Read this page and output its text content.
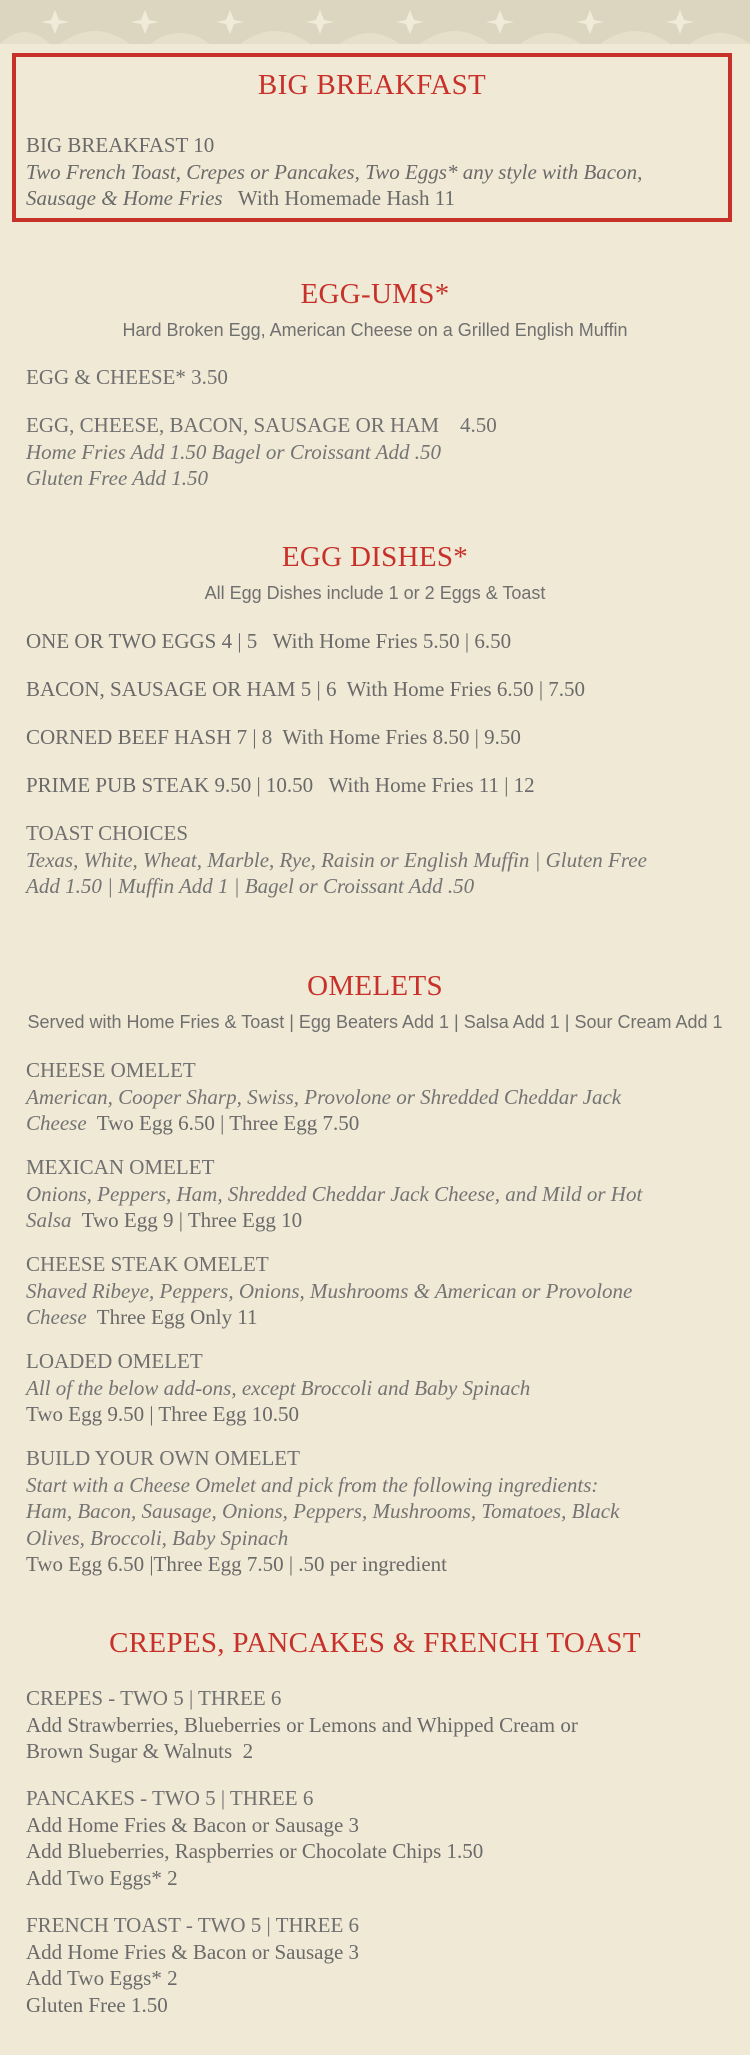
BIG BREAKFAST
BIG BREAKFAST 10
Two French Toast, Crepes or Pancakes, Two Eggs* any style with Bacon,
Sausage & Home Fries   With Homemade Hash 11
EGG-UMS*
Hard Broken Egg, American Cheese on a Grilled English Muffin
EGG & CHEESE* 3.50
EGG, CHEESE, BACON, SAUSAGE OR HAM    4.50
Home Fries Add 1.50 Bagel or Croissant Add .50
Gluten Free Add 1.50
EGG DISHES*
All Egg Dishes include 1 or 2 Eggs & Toast
ONE OR TWO EGGS 4 | 5   With Home Fries 5.50 | 6.50
BACON, SAUSAGE OR HAM 5 | 6  With Home Fries 6.50 | 7.50
CORNED BEEF HASH 7 | 8  With Home Fries 8.50 | 9.50
PRIME PUB STEAK 9.50 | 10.50   With Home Fries 11 | 12
TOAST CHOICES
Texas, White, Wheat, Marble, Rye, Raisin or English Muffin | Gluten Free
Add 1.50 | Muffin Add 1 | Bagel or Croissant Add .50
OMELETS
Served with Home Fries & Toast | Egg Beaters Add 1 | Salsa Add 1 | Sour Cream Add 1
CHEESE OMELET
American, Cooper Sharp, Swiss, Provolone or Shredded Cheddar Jack
Cheese  Two Egg 6.50 | Three Egg 7.50
MEXICAN OMELET
Onions, Peppers, Ham, Shredded Cheddar Jack Cheese, and Mild or Hot
Salsa  Two Egg 9 | Three Egg 10
CHEESE STEAK OMELET
Shaved Ribeye, Peppers, Onions, Mushrooms & American or Provolone
Cheese  Three Egg Only 11
LOADED OMELET
All of the below add-ons, except Broccoli and Baby Spinach
Two Egg 9.50 | Three Egg 10.50
BUILD YOUR OWN OMELET
Start with a Cheese Omelet and pick from the following ingredients:
Ham, Bacon, Sausage, Onions, Peppers, Mushrooms, Tomatoes, Black
Olives, Broccoli, Baby Spinach
Two Egg 6.50 |Three Egg 7.50 | .50 per ingredient
CREPES, PANCAKES & FRENCH TOAST
CREPES - TWO 5 | THREE 6
Add Strawberries, Blueberries or Lemons and Whipped Cream or
Brown Sugar & Walnuts  2
PANCAKES - TWO 5 | THREE 6
Add Home Fries & Bacon or Sausage 3
Add Blueberries, Raspberries or Chocolate Chips 1.50
Add Two Eggs* 2
FRENCH TOAST - TWO 5 | THREE 6
Add Home Fries & Bacon or Sausage 3
Add Two Eggs* 2
Gluten Free 1.50
